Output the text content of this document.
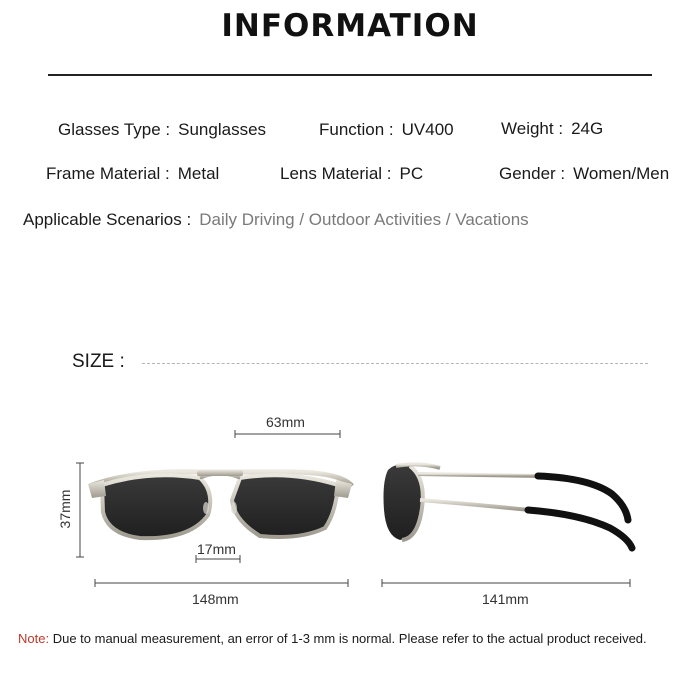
INFORMATION
Glasses Type : Sunglasses	Function : UV400	Weight : 24G
Frame Material : Metal	Lens Material : PC	Gender : Women/Men
Applicable Scenarios : Daily Driving / Outdoor Activities / Vacations
SIZE :
63mm
37mm
17mm
148mm	141mm
Note: Due to manual measurement, an error of 1-3 mm is normal. Please refer to the actual product received.
